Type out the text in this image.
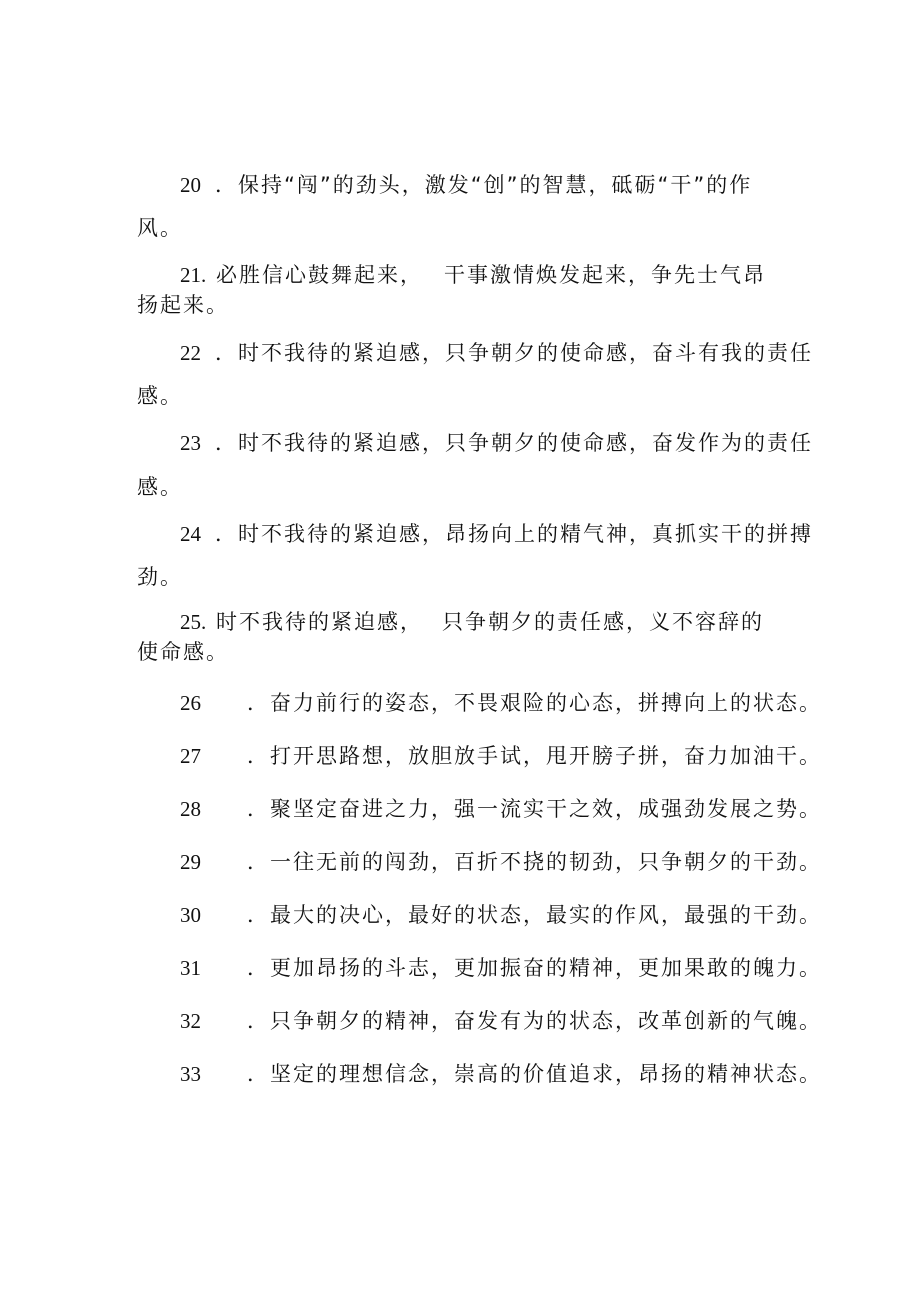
20 ．保持“闯”的劲头，激发“创”的智慧，砥砺“干”的作
风。
21. 必胜信心鼓舞起来， 干事激情焕发起来，争先士气昂
扬起来。
22 ．时不我待的紧迫感，只争朝夕的使命感，奋斗有我的责任
感。
23 ．时不我待的紧迫感，只争朝夕的使命感，奋发作为的责任
感。
24 ．时不我待的紧迫感，昂扬向上的精气神，真抓实干的拼搏
劲。
25. 时不我待的紧迫感， 只争朝夕的责任感，义不容辞的
使命感。
26 ．奋力前行的姿态，不畏艰险的心态，拼搏向上的状态。
27 ．打开思路想，放胆放手试，甩开膀子拼，奋力加油干。
28 ．聚坚定奋进之力，强一流实干之效，成强劲发展之势。
29 ．一往无前的闯劲，百折不挠的韧劲，只争朝夕的干劲。
30 ．最大的决心，最好的状态，最实的作风，最强的干劲。
31 ．更加昂扬的斗志，更加振奋的精神，更加果敢的魄力。
32 ．只争朝夕的精神，奋发有为的状态，改革创新的气魄。
33 ．坚定的理想信念，崇高的价值追求，昂扬的精神状态。
